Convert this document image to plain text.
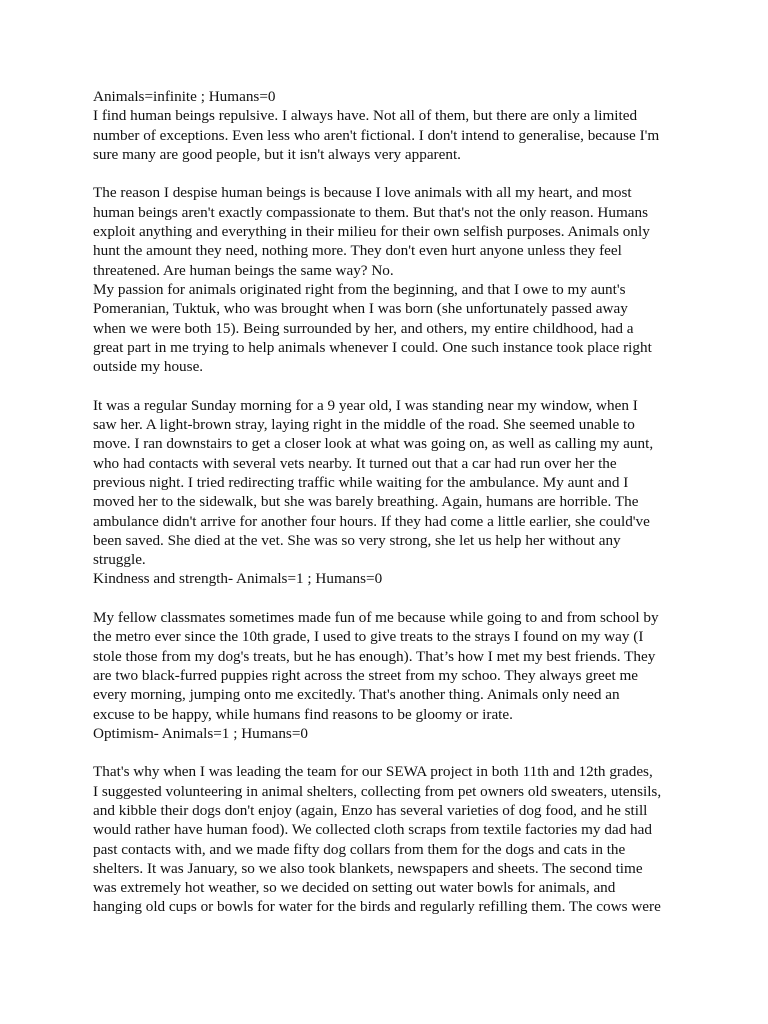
Animals=infinite ; Humans=0
I find human beings repulsive. I always have. Not all of them, but there are only a limited
number of exceptions. Even less who aren't fictional. I don't intend to generalise, because I'm
sure many are good people, but it isn't always very apparent.
The reason I despise human beings is because I love animals with all my heart, and most
human beings aren't exactly compassionate to them. But that's not the only reason. Humans
exploit anything and everything in their milieu for their own selfish purposes. Animals only
hunt the amount they need, nothing more. They don't even hurt anyone unless they feel
threatened. Are human beings the same way? No.
My passion for animals originated right from the beginning, and that I owe to my aunt's
Pomeranian, Tuktuk, who was brought when I was born (she unfortunately passed away
when we were both 15). Being surrounded by her, and others, my entire childhood, had a
great part in me trying to help animals whenever I could. One such instance took place right
outside my house.
It was a regular Sunday morning for a 9 year old, I was standing near my window, when I
saw her. A light-brown stray, laying right in the middle of the road. She seemed unable to
move. I ran downstairs to get a closer look at what was going on, as well as calling my aunt,
who had contacts with several vets nearby. It turned out that a car had run over her the
previous night. I tried redirecting traffic while waiting for the ambulance. My aunt and I
moved her to the sidewalk, but she was barely breathing. Again, humans are horrible. The
ambulance didn't arrive for another four hours. If they had come a little earlier, she could've
been saved. She died at the vet. She was so very strong, she let us help her without any
struggle.
Kindness and strength- Animals=1 ; Humans=0
My fellow classmates sometimes made fun of me because while going to and from school by
the metro ever since the 10th grade, I used to give treats to the strays I found on my way (I
stole those from my dog's treats, but he has enough). That’s how I met my best friends. They
are two black-furred puppies right across the street from my schoo. They always greet me
every morning, jumping onto me excitedly. That's another thing. Animals only need an
excuse to be happy, while humans find reasons to be gloomy or irate.
Optimism- Animals=1 ; Humans=0
That's why when I was leading the team for our SEWA project in both 11th and 12th grades,
I suggested volunteering in animal shelters, collecting from pet owners old sweaters, utensils,
and kibble their dogs don't enjoy (again, Enzo has several varieties of dog food, and he still
would rather have human food). We collected cloth scraps from textile factories my dad had
past contacts with, and we made fifty dog collars from them for the dogs and cats in the
shelters. It was January, so we also took blankets, newspapers and sheets. The second time
was extremely hot weather, so we decided on setting out water bowls for animals, and
hanging old cups or bowls for water for the birds and regularly refilling them. The cows were
